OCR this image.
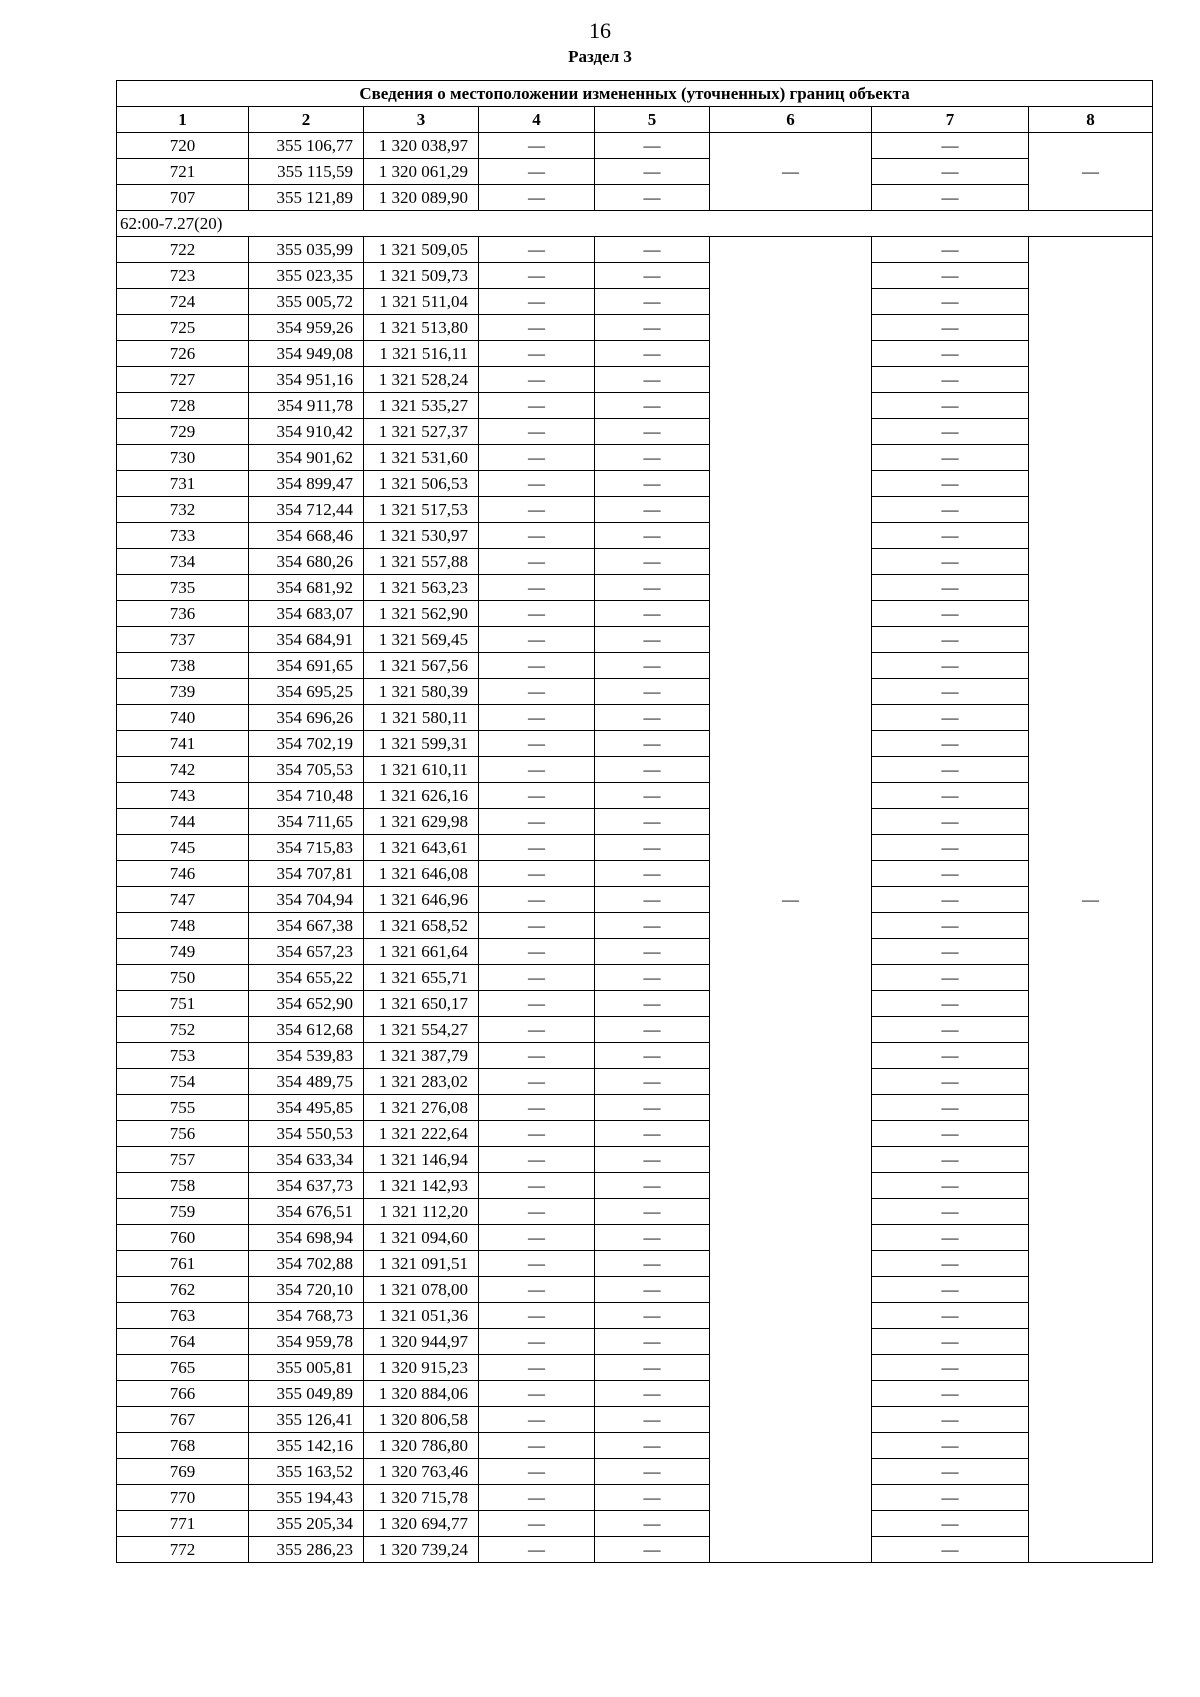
16
Раздел 3
Сведения о местоположении измененных (уточненных) границ объекта							
1	2	3	4	5	6	7	8
720	355 106,77	1 320 038,97	—	—	—	—	—
721	355 115,59	1 320 061,29	—	—		—	
707	355 121,89	1 320 089,90	—	—		—	
62:00-7.27(20)							
722	355 035,99	1 321 509,05	—	—	—	—	—
723	355 023,35	1 321 509,73	—	—		—	
724	355 005,72	1 321 511,04	—	—		—	
725	354 959,26	1 321 513,80	—	—		—	
726	354 949,08	1 321 516,11	—	—		—	
727	354 951,16	1 321 528,24	—	—		—	
728	354 911,78	1 321 535,27	—	—		—	
729	354 910,42	1 321 527,37	—	—		—	
730	354 901,62	1 321 531,60	—	—		—	
731	354 899,47	1 321 506,53	—	—		—	
732	354 712,44	1 321 517,53	—	—		—	
733	354 668,46	1 321 530,97	—	—		—	
734	354 680,26	1 321 557,88	—	—		—	
735	354 681,92	1 321 563,23	—	—		—	
736	354 683,07	1 321 562,90	—	—		—	
737	354 684,91	1 321 569,45	—	—		—	
738	354 691,65	1 321 567,56	—	—		—	
739	354 695,25	1 321 580,39	—	—		—	
740	354 696,26	1 321 580,11	—	—		—	
741	354 702,19	1 321 599,31	—	—		—	
742	354 705,53	1 321 610,11	—	—		—	
743	354 710,48	1 321 626,16	—	—		—	
744	354 711,65	1 321 629,98	—	—		—	
745	354 715,83	1 321 643,61	—	—		—	
746	354 707,81	1 321 646,08	—	—		—	
747	354 704,94	1 321 646,96	—	—		—	
748	354 667,38	1 321 658,52	—	—		—	
749	354 657,23	1 321 661,64	—	—		—	
750	354 655,22	1 321 655,71	—	—		—	
751	354 652,90	1 321 650,17	—	—		—	
752	354 612,68	1 321 554,27	—	—		—	
753	354 539,83	1 321 387,79	—	—		—	
754	354 489,75	1 321 283,02	—	—		—	
755	354 495,85	1 321 276,08	—	—		—	
756	354 550,53	1 321 222,64	—	—		—	
757	354 633,34	1 321 146,94	—	—		—	
758	354 637,73	1 321 142,93	—	—		—	
759	354 676,51	1 321 112,20	—	—		—	
760	354 698,94	1 321 094,60	—	—		—	
761	354 702,88	1 321 091,51	—	—		—	
762	354 720,10	1 321 078,00	—	—		—	
763	354 768,73	1 321 051,36	—	—		—	
764	354 959,78	1 320 944,97	—	—		—	
765	355 005,81	1 320 915,23	—	—		—	
766	355 049,89	1 320 884,06	—	—		—	
767	355 126,41	1 320 806,58	—	—		—	
768	355 142,16	1 320 786,80	—	—		—	
769	355 163,52	1 320 763,46	—	—		—	
770	355 194,43	1 320 715,78	—	—		—	
771	355 205,34	1 320 694,77	—	—		—	
772	355 286,23	1 320 739,24	—	—		—	
